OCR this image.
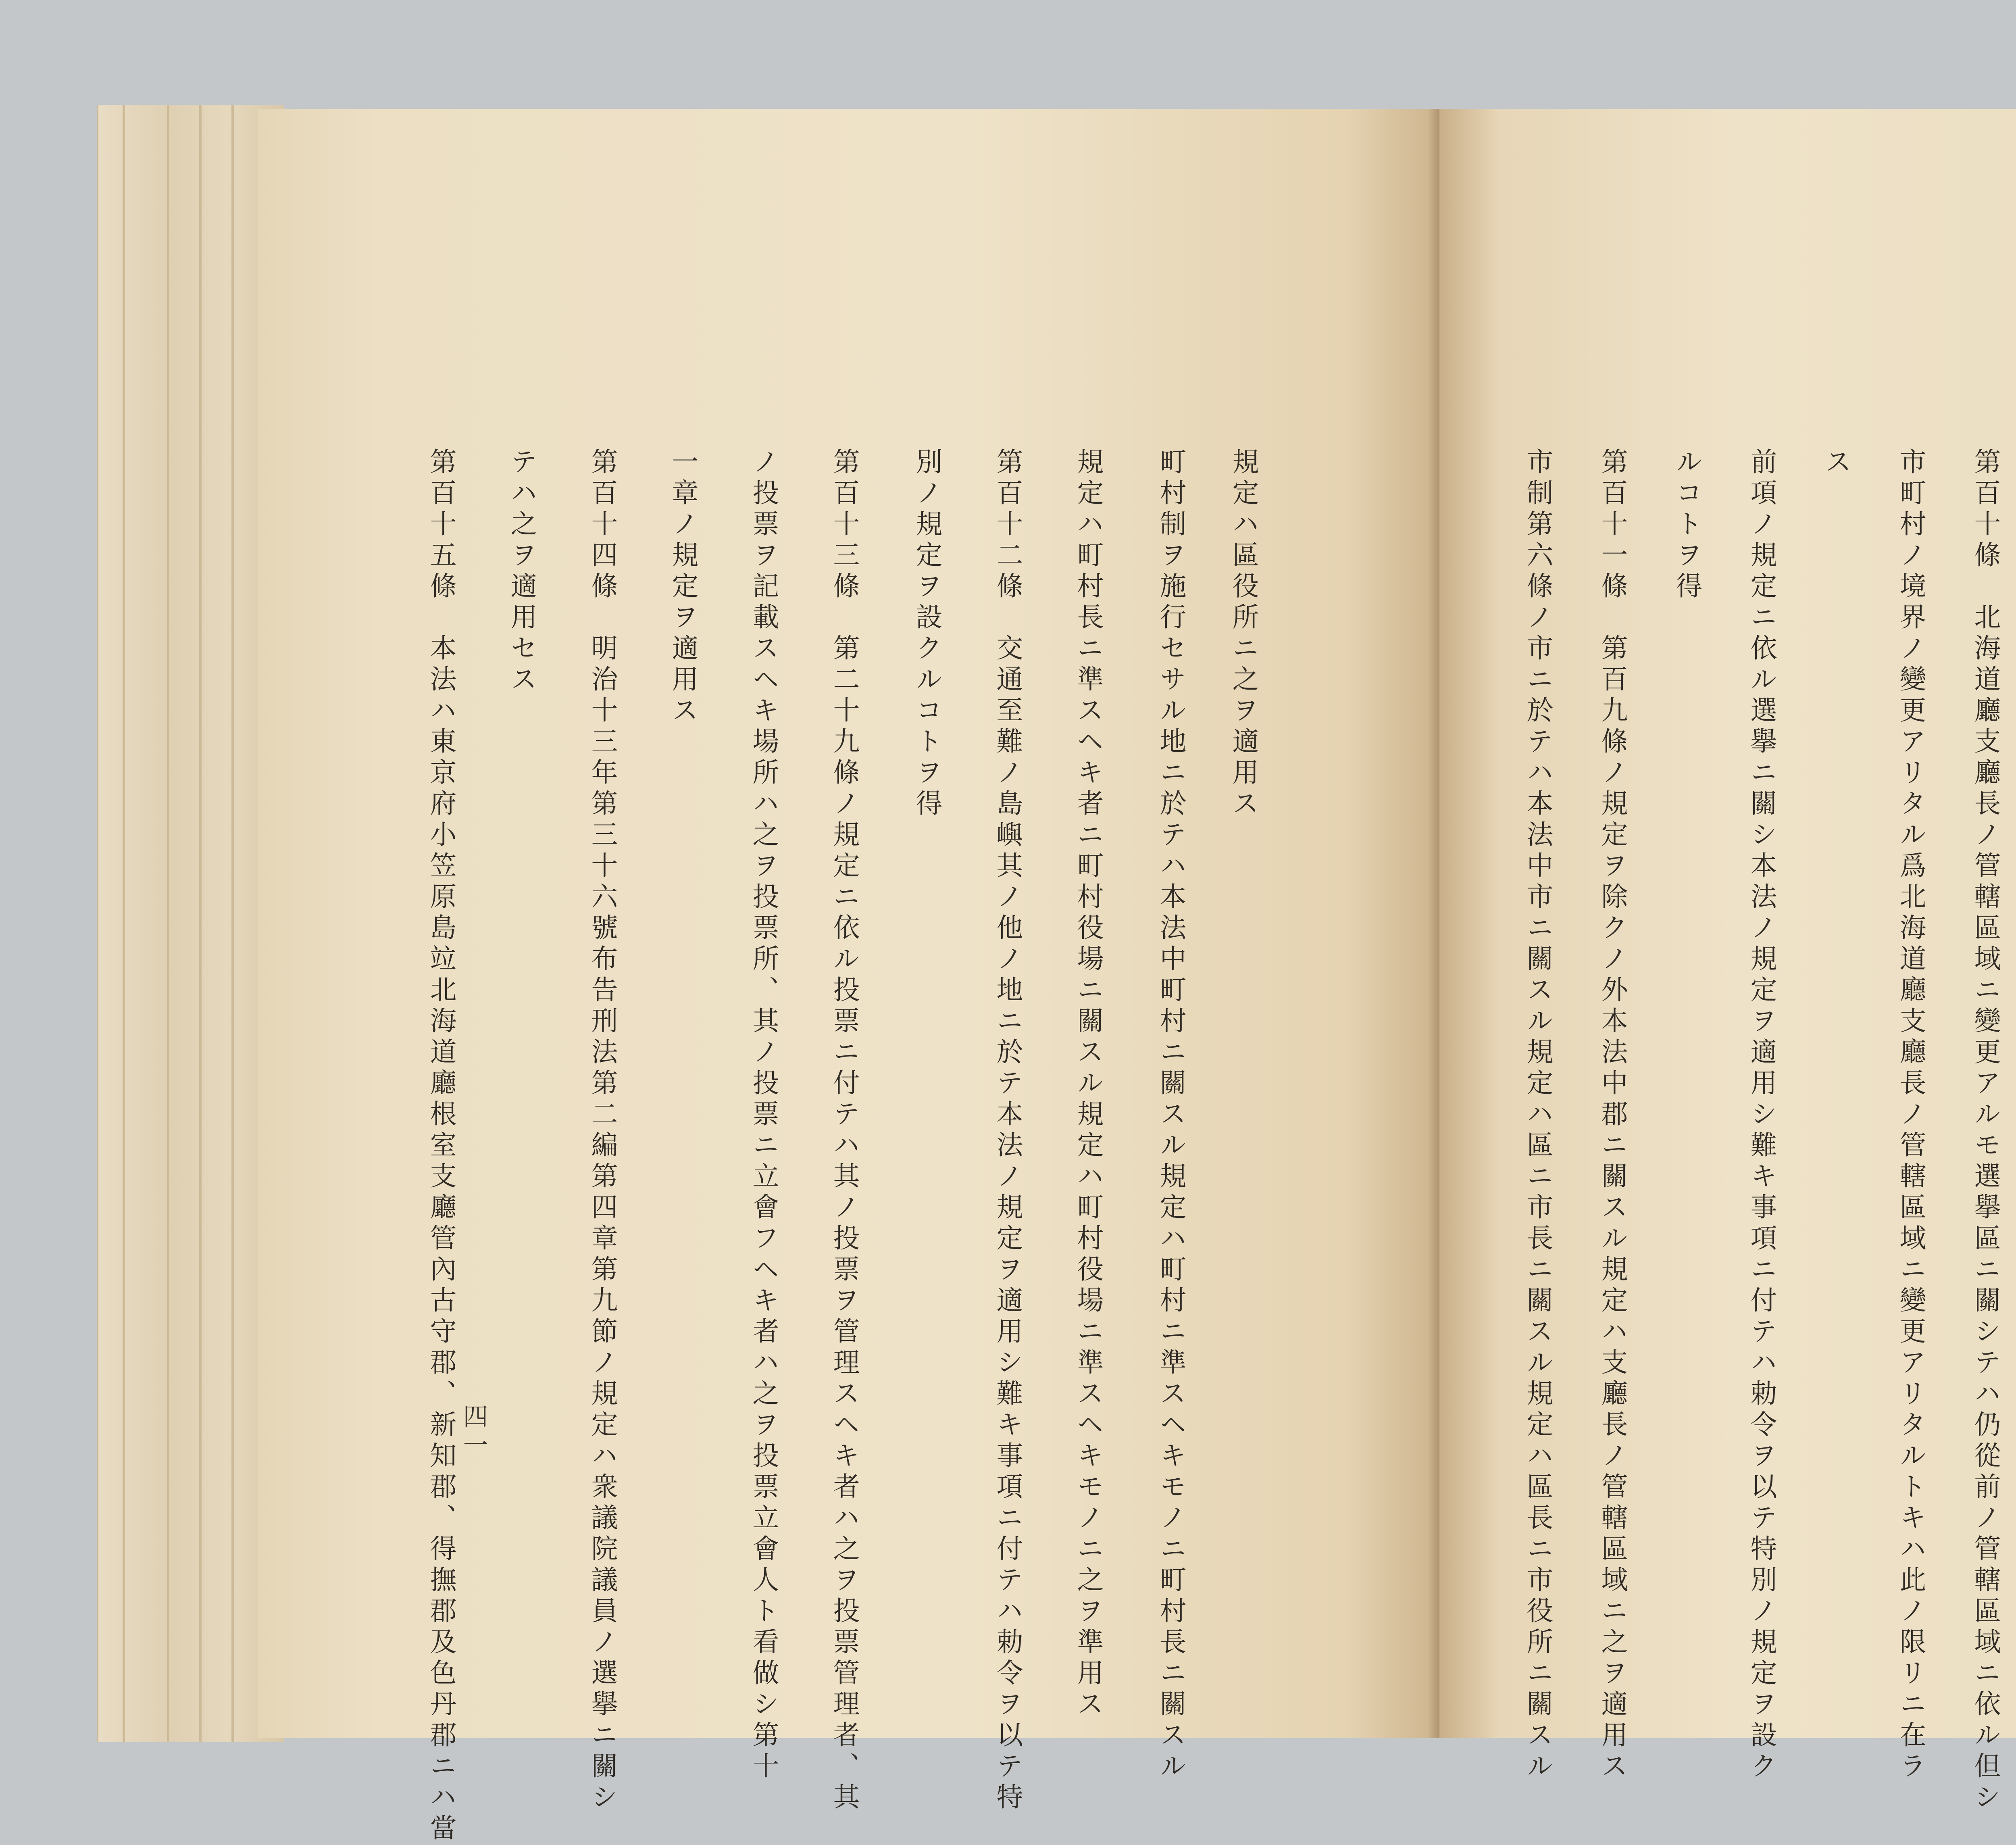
規定ハ區役所ニ之ヲ適用ス
町村制ヲ施行セサル地ニ於テハ本法中町村ニ關スル規定ハ町村ニ準スヘキモノニ町村長ニ關スル
規定ハ町村長ニ準スヘキ者ニ町村役場ニ關スル規定ハ町村役場ニ準スヘキモノニ之ヲ準用ス
第百十二條　交通至難ノ島嶼其ノ他ノ地ニ於テ本法ノ規定ヲ適用シ難キ事項ニ付テハ勅令ヲ以テ特
別ノ規定ヲ設クルコトヲ得
第百十三條　第二十九條ノ規定ニ依ル投票ニ付テハ其ノ投票ヲ管理スヘキ者ハ之ヲ投票管理者、其
ノ投票ヲ記載スヘキ場所ハ之ヲ投票所、其ノ投票ニ立會フヘキ者ハ之ヲ投票立會人ト看做シ第十
一章ノ規定ヲ適用ス
第百十四條　明治十三年第三十六號布告刑法第二編第四章第九節ノ規定ハ衆議院議員ノ選擧ニ關シ
テハ之ヲ適用セス
第百十五條　本法ハ東京府小笠原島竝北海道廳根室支廳管內古守郡、新知郡、得撫郡及色丹郡ニハ當 四一	第百十條　北海道廳支廳長ノ管轄區域ニ變更アルモ選擧區ニ關シテハ仍從前ノ管轄區域ニ依ル但シ
市町村ノ境界ノ變更アリタル爲北海道廳支廳長ノ管轄區域ニ變更アリタルトキハ此ノ限リニ在ラ
ス
前項ノ規定ニ依ル選擧ニ關シ本法ノ規定ヲ適用シ難キ事項ニ付テハ勅令ヲ以テ特別ノ規定ヲ設ク
ルコトヲ得
第百十一條　第百九條ノ規定ヲ除クノ外本法中郡ニ關スル規定ハ支廳長ノ管轄區域ニ之ヲ適用ス
市制第六條ノ市ニ於テハ本法中市ニ關スル規定ハ區ニ市長ニ關スル規定ハ區長ニ市役所ニ關スル
